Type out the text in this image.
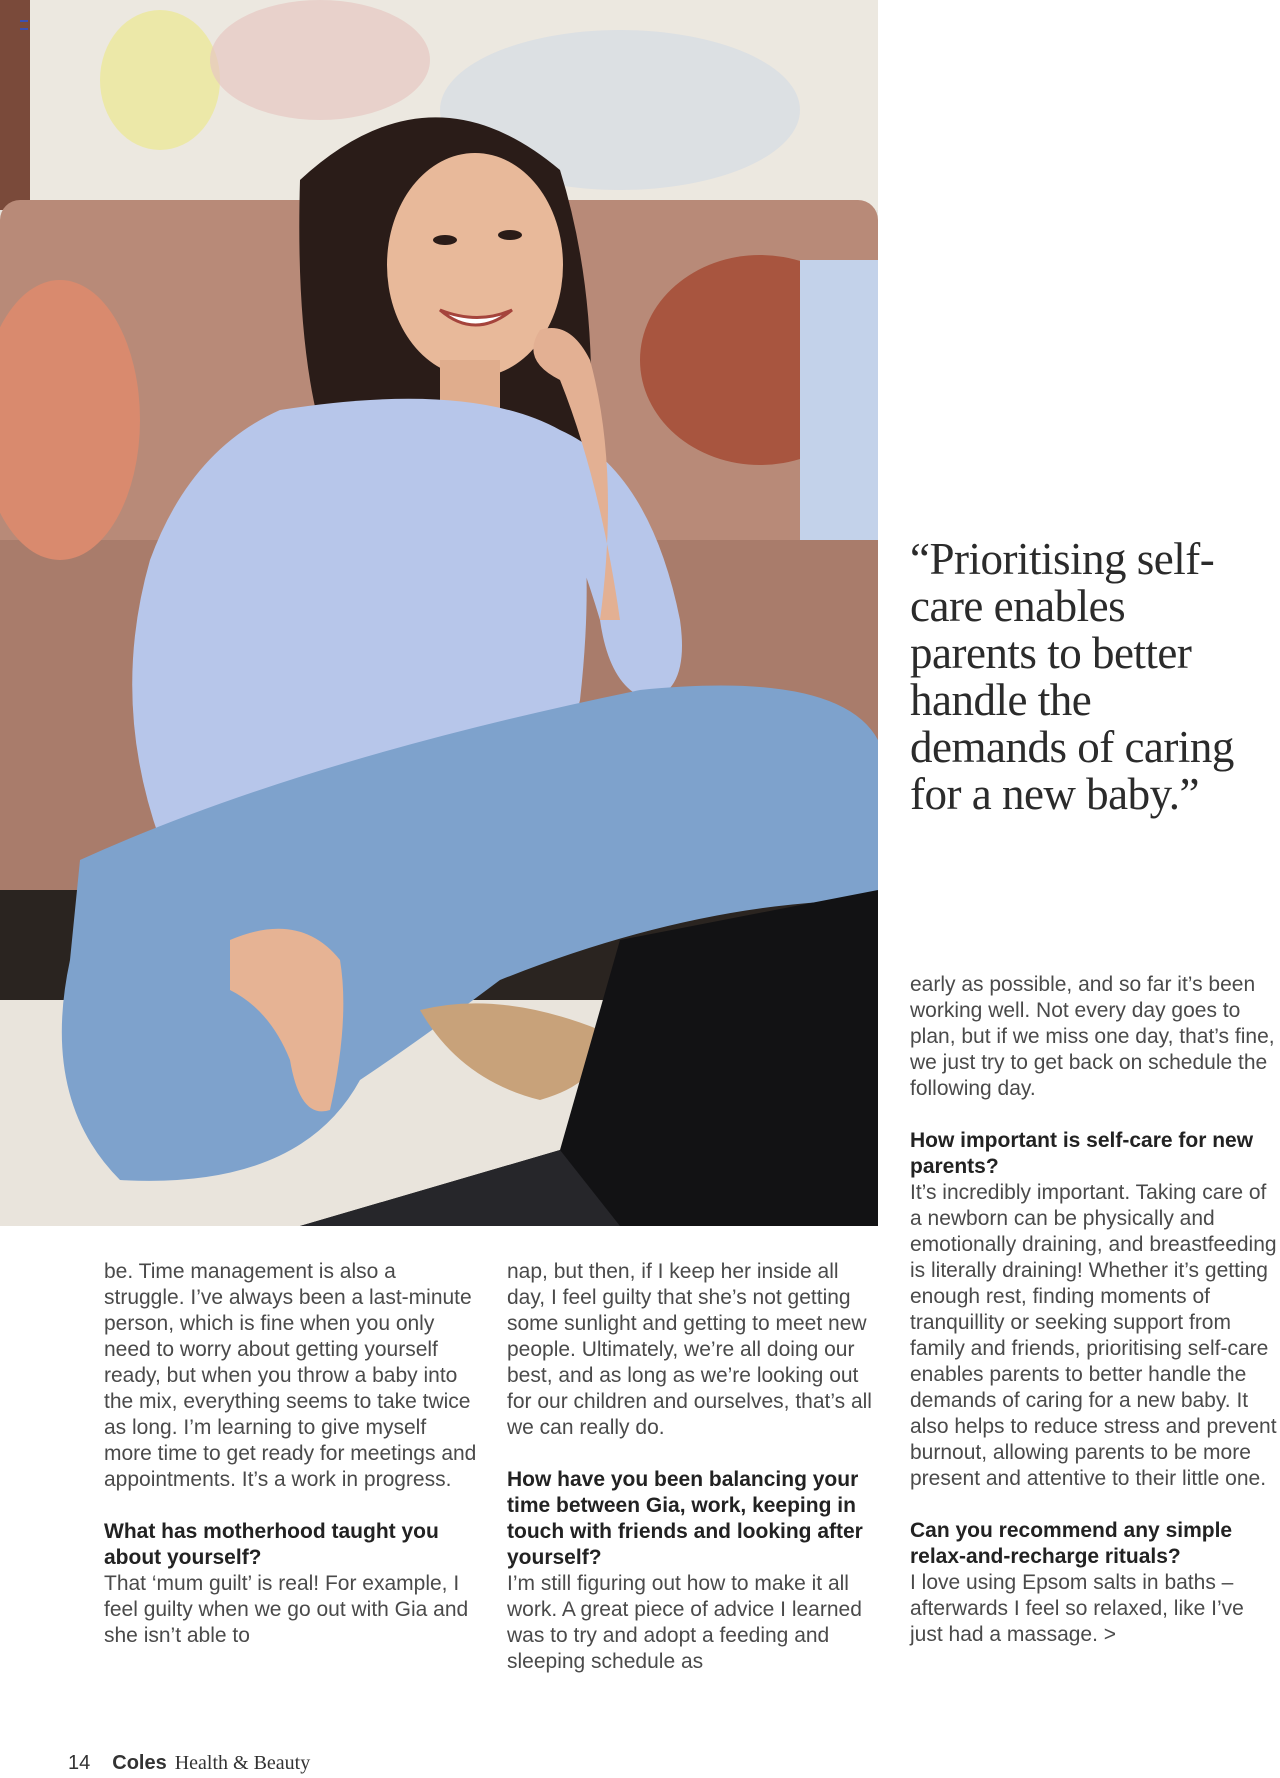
“Prioritising self-care enables parents to better handle the demands of caring for a new baby.”

be. Time management is also a struggle. I’ve always been a last-minute person, which is fine when you only need to worry about getting yourself ready, but when you throw a baby into the mix, everything seems to take twice as long. I’m learning to give myself more time to get ready for meetings and appointments. It’s a work in progress.

What has motherhood taught you about yourself?

That ‘mum guilt’ is real! For example, I feel guilty when we go out with Gia and she isn’t able to

nap, but then, if I keep her inside all day, I feel guilty that she’s not getting some sunlight and getting to meet new people. Ultimately, we’re all doing our best, and as long as we’re looking out for our children and ourselves, that’s all we can really do.

How have you been balancing your time between Gia, work, keeping in touch with friends and looking after yourself?

I’m still figuring out how to make it all work. A great piece of advice I learned was to try and adopt a feeding and sleeping schedule as

early as possible, and so far it’s been working well. Not every day goes to plan, but if we miss one day, that’s fine, we just try to get back on schedule the following day.

How important is self-care for new parents?

It’s incredibly important. Taking care of a newborn can be physically and emotionally draining, and breastfeeding is literally draining! Whether it’s getting enough rest, finding moments of tranquillity or seeking support from family and friends, prioritising self-care enables parents to better handle the demands of caring for a new baby. It also helps to reduce stress and prevent burnout, allowing parents to be more present and attentive to their little one.

Can you recommend any simple relax-and-recharge rituals?

I love using Epsom salts in baths – afterwards I feel so relaxed, like I’ve just had a massage. >

14 Coles Health & Beauty
